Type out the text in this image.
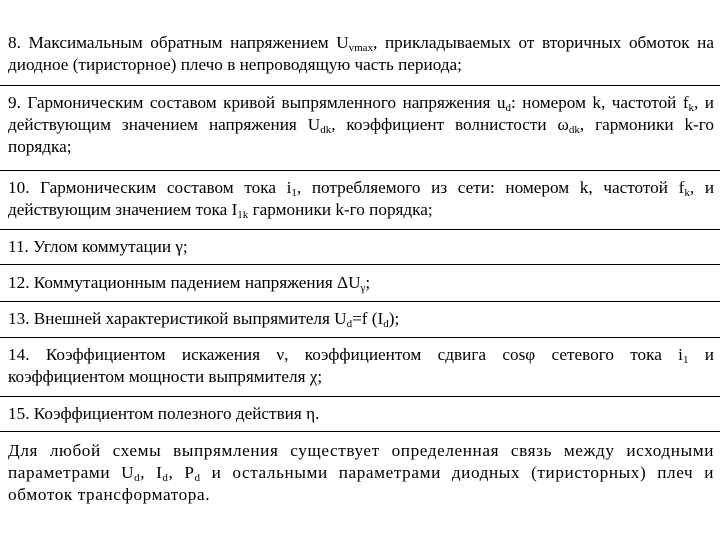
8. Максимальным обратным напряжением $U_{vmax}$, прикладываемых от вторичных обмоток на диодное (тиристорное) плечо в непроводящую часть периода;

9. Гармоническим составом кривой выпрямленного напряжения $u_d$: номером k, частотой $f_k$, и действующим значением напряжения $U_{dk}$, коэффициент волнистости $\omega_{dk}$, гармоники k-го порядка;

10. Гармоническим составом тока $i_1$, потребляемого из сети: номером k, частотой $f_k$, и действующим значением тока $I_{1k}$ гармоники k-го порядка;

11. Углом коммутации γ;

12. Коммутационным падением напряжения $\Delta U_\gamma$;

13. Внешней характеристикой выпрямителя $U_d=f$ $(I_d)$;

14. Коэффициентом искажения ν, коэффициентом сдвига cosφ сетевого тока $i_1$ и коэффициентом мощности выпрямителя χ;

15. Коэффициентом полезного действия η.

Для любой схемы выпрямления существует определенная связь между исходными параметрами $U_d$, $I_d$, $P_d$ и остальными параметрами диодных (тиристорных) плеч и обмоток трансформатора.
